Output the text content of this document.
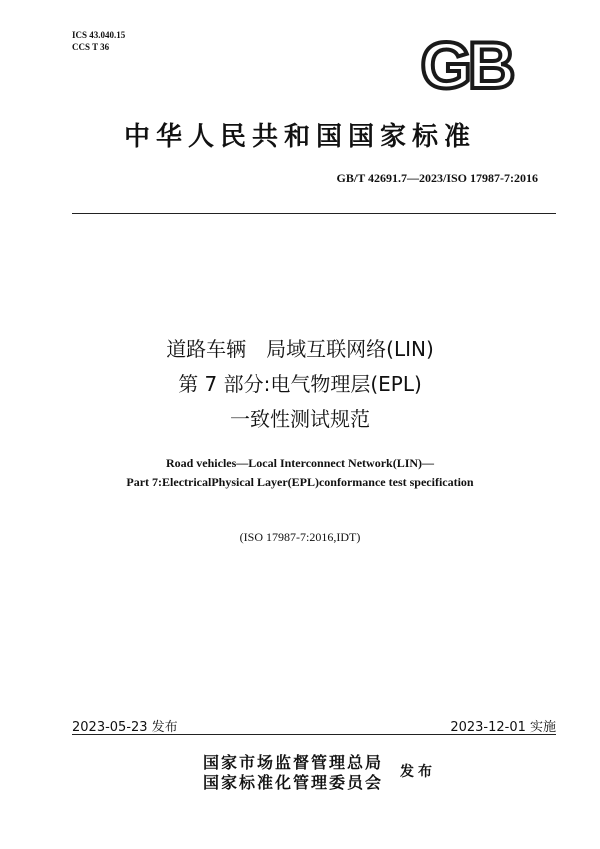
ICS 43.040.15
CCS T 36	GB
中华人民共和国国家标准
GB/T 42691.7—2023/ISO 17987-7:2016
道路车辆　局域互联网络(LIN)
第 7 部分:电气物理层(EPL)
一致性测试规范
Road vehicles—Local Interconnect Network(LIN)—
Part 7:ElectricalPhysical Layer(EPL)conformance test specification
(ISO 17987-7:2016,IDT)
2023-05-23 发布	2023-12-01 实施
国家市场监督管理总局
国家标准化管理委员会
发布
